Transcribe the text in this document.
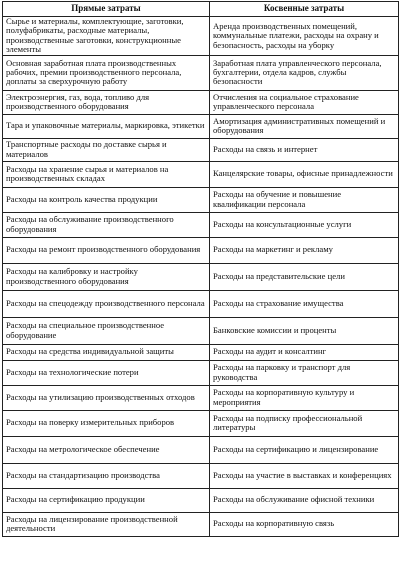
Прямые затраты	Косвенные затраты
Сырье и материалы, комплектующие, заготовки, полуфабрикаты, расходные материалы, производственные заготовки, конструкционные элементы	Аренда производственных помещений, коммунальные платежи, расходы на охрану и безопасность, расходы на уборку
Основная заработная плата производственных рабочих, премии производственного персонала, доплаты за сверхурочную работу	Заработная плата управленческого персонала, бухгалтерии, отдела кадров, службы безопасности
Электроэнергия, газ, вода, топливо для производственного оборудования	Отчисления на социальное страхование управленческого персонала
Тара и упаковочные материалы, маркировка, этикетки	Амортизация административных помещений и оборудования
Транспортные расходы по доставке сырья и материалов	Расходы на связь и интернет
Расходы на хранение сырья и материалов на производственных складах	Канцелярские товары, офисные принадлежности
Расходы на контроль качества продукции	Расходы на обучение и повышение квалификации персонала
Расходы на обслуживание производственного оборудования	Расходы на консультационные услуги
Расходы на ремонт производственного оборудования	Расходы на маркетинг и рекламу
Расходы на калибровку и настройку производственного оборудования	Расходы на представительские цели
Расходы на спецодежду производственного персонала	Расходы на страхование имущества
Расходы на специальное производственное оборудование	Банковские комиссии и проценты
Расходы на средства индивидуальной защиты	Расходы на аудит и консалтинг
Расходы на технологические потери	Расходы на парковку и транспорт для руководства
Расходы на утилизацию производственных отходов	Расходы на корпоративную культуру и мероприятия
Расходы на поверку измерительных приборов	Расходы на подписку профессиональной литературы
Расходы на метрологическое обеспечение	Расходы на сертификацию и лицензирование
Расходы на стандартизацию производства	Расходы на участие в выставках и конференциях
Расходы на сертификацию продукции	Расходы на обслуживание офисной техники
Расходы на лицензирование производственной деятельности	Расходы на корпоративную связь
